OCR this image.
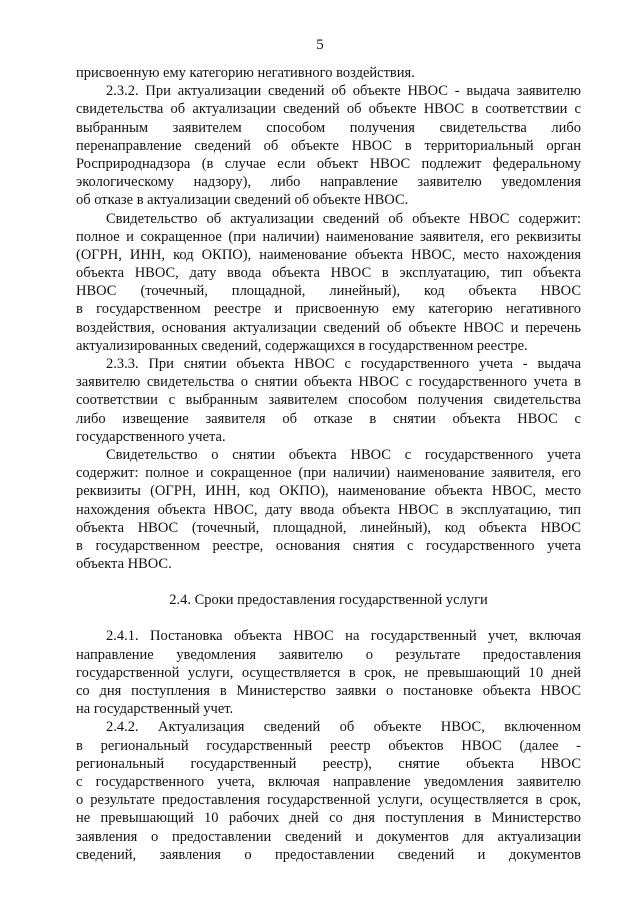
5
присвоенную ему категорию негативного воздействия.
2.3.2. При актуализации сведений об объекте НВОС - выдача заявителю
свидетельства об актуализации сведений об объекте НВОС в соответствии с
выбранным заявителем способом получения свидетельства либо
перенаправление сведений об объекте НВОС в территориальный орган
Росприроднадзора (в случае если объект НВОС подлежит федеральному
экологическому надзору), либо направление заявителю уведомления
об отказе в актуализации сведений об объекте НВОС.
Свидетельство об актуализации сведений об объекте НВОС содержит:
полное и сокращенное (при наличии) наименование заявителя, его реквизиты
(ОГРН, ИНН, код ОКПО), наименование объекта НВОС, место нахождения
объекта НВОС, дату ввода объекта НВОС в эксплуатацию, тип объекта
НВОС (точечный, площадной, линейный), код объекта НВОС
в государственном реестре и присвоенную ему категорию негативного
воздействия, основания актуализации сведений об объекте НВОС и перечень
актуализированных сведений, содержащихся в государственном реестре.
2.3.3. При снятии объекта НВОС с государственного учета - выдача
заявителю свидетельства о снятии объекта НВОС с государственного учета в
соответствии с выбранным заявителем способом получения свидетельства
либо извещение заявителя об отказе в снятии объекта НВОС с
государственного учета.
Свидетельство о снятии объекта НВОС с государственного учета
содержит: полное и сокращенное (при наличии) наименование заявителя, его
реквизиты (ОГРН, ИНН, код ОКПО), наименование объекта НВОС, место
нахождения объекта НВОС, дату ввода объекта НВОС в эксплуатацию, тип
объекта НВОС (точечный, площадной, линейный), код объекта НВОС
в государственном реестре, основания снятия с государственного учета
объекта НВОС.
2.4. Сроки предоставления государственной услуги
2.4.1. Постановка объекта НВОС на государственный учет, включая
направление уведомления заявителю о результате предоставления
государственной услуги, осуществляется в срок, не превышающий 10 дней
со дня поступления в Министерство заявки о постановке объекта НВОС
на государственный учет.
2.4.2. Актуализация сведений об объекте НВОС, включенном
в региональный государственный реестр объектов НВОС (далее -
региональный государственный реестр), снятие объекта НВОС
с государственного учета, включая направление уведомления заявителю
о результате предоставления государственной услуги, осуществляется в срок,
не превышающий 10 рабочих дней со дня поступления в Министерство
заявления о предоставлении сведений и документов для актуализации
сведений, заявления о предоставлении сведений и документов
